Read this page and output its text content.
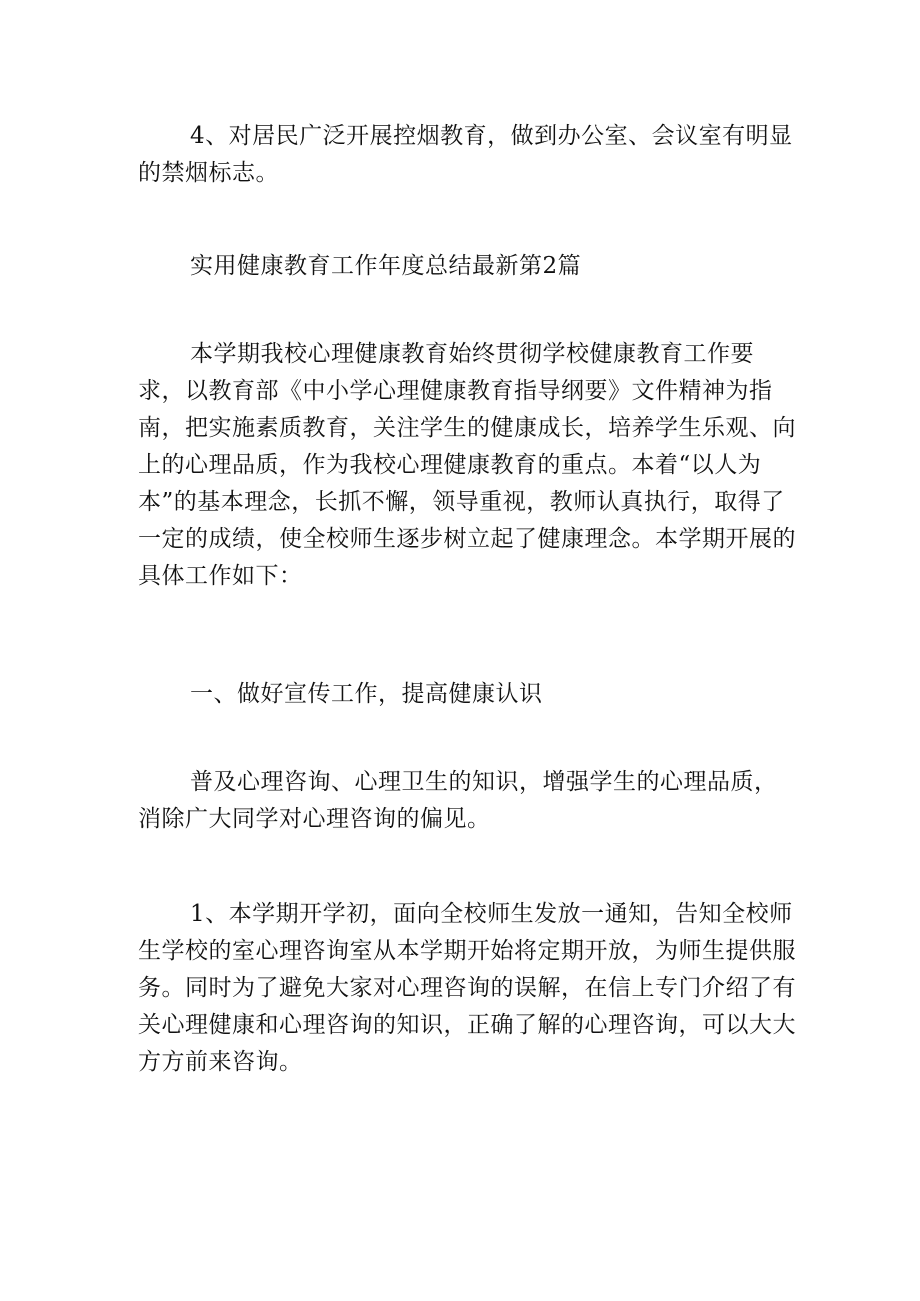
4、对居民广泛开展控烟教育，做到办公室、会议室有明显的禁烟标志。

实用健康教育工作年度总结最新第2篇

本学期我校心理健康教育始终贯彻学校健康教育工作要求，以教育部《中小学心理健康教育指导纲要》文件精神为指南，把实施素质教育，关注学生的健康成长，培养学生乐观、向上的心理品质，作为我校心理健康教育的重点。本着“以人为本”的基本理念，长抓不懈，领导重视，教师认真执行，取得了一定的成绩，使全校师生逐步树立起了健康理念。本学期开展的具体工作如下：

一、做好宣传工作，提高健康认识

普及心理咨询、心理卫生的知识，增强学生的心理品质，消除广大同学对心理咨询的偏见。

1、本学期开学初，面向全校师生发放一通知，告知全校师生学校的室心理咨询室从本学期开始将定期开放，为师生提供服务。同时为了避免大家对心理咨询的误解，在信上专门介绍了有关心理健康和心理咨询的知识，正确了解的心理咨询，可以大大方方前来咨询。
